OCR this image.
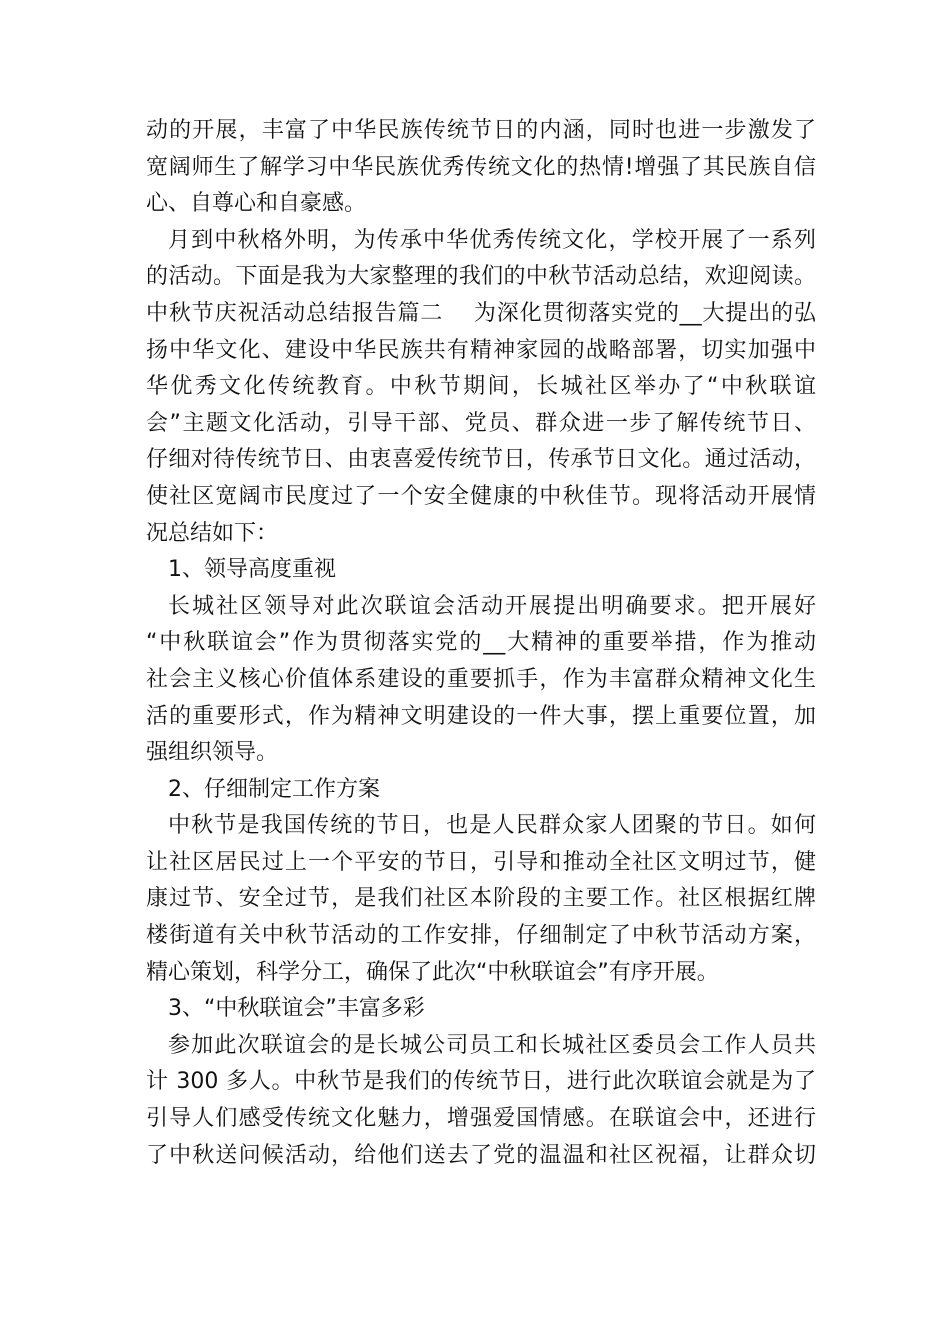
动的开展，丰富了中华民族传统节日的内涵，同时也进一步激发了
宽阔师生了解学习中华民族优秀传统文化的热情!增强了其民族自信
心、自尊心和自豪感。
月到中秋格外明，为传承中华优秀传统文化，学校开展了一系列
的活动。下面是我为大家整理的我们的中秋节活动总结，欢迎阅读。
中秋节庆祝活动总结报告篇二　 为深化贯彻落实党的__大提出的弘
扬中华文化、建设中华民族共有精神家园的战略部署，切实加强中
华优秀文化传统教育。中秋节期间，长城社区举办了“中秋联谊
会”主题文化活动，引导干部、党员、群众进一步了解传统节日、
仔细对待传统节日、由衷喜爱传统节日，传承节日文化。通过活动，
使社区宽阔市民度过了一个安全健康的中秋佳节。现将活动开展情
况总结如下：
1、领导高度重视
长城社区领导对此次联谊会活动开展提出明确要求。把开展好
“中秋联谊会”作为贯彻落实党的__大精神的重要举措，作为推动
社会主义核心价值体系建设的重要抓手，作为丰富群众精神文化生
活的重要形式，作为精神文明建设的一件大事，摆上重要位置，加
强组织领导。
2、仔细制定工作方案
中秋节是我国传统的节日，也是人民群众家人团聚的节日。如何
让社区居民过上一个平安的节日，引导和推动全社区文明过节，健
康过节、安全过节，是我们社区本阶段的主要工作。社区根据红牌
楼街道有关中秋节活动的工作安排，仔细制定了中秋节活动方案，
精心策划，科学分工，确保了此次“中秋联谊会”有序开展。
3、“中秋联谊会”丰富多彩
参加此次联谊会的是长城公司员工和长城社区委员会工作人员共
计 300 多人。中秋节是我们的传统节日，进行此次联谊会就是为了
引导人们感受传统文化魅力，增强爱国情感。在联谊会中，还进行
了中秋送问候活动，给他们送去了党的温温和社区祝福，让群众切
